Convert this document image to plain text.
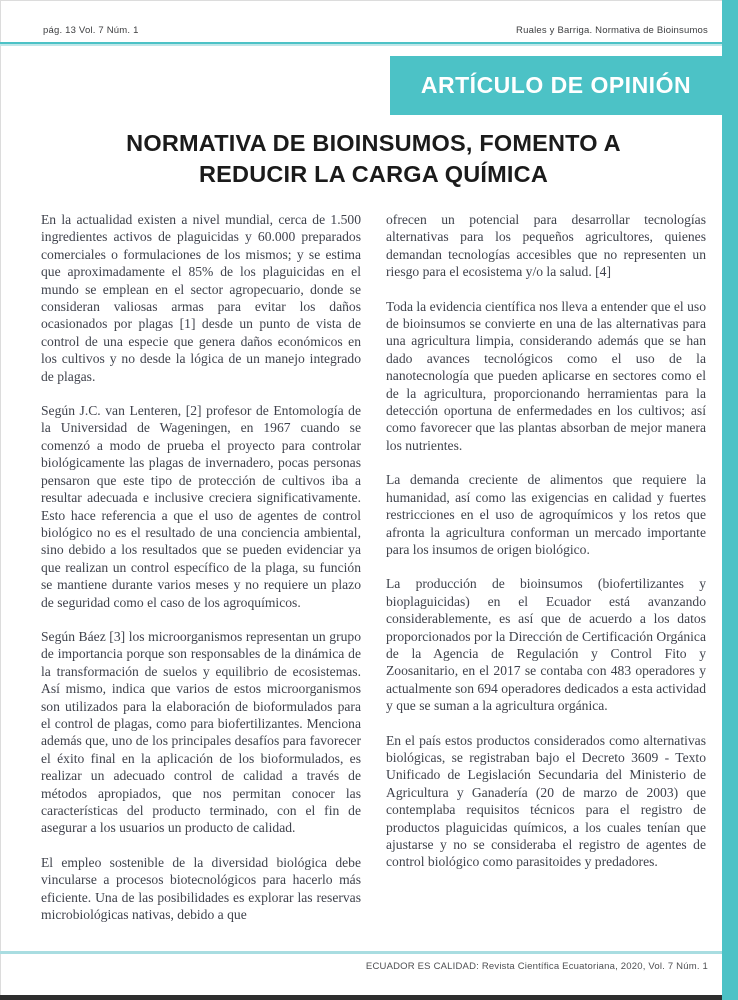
pág. 13 Vol. 7 Núm. 1	Ruales y Barriga. Normativa de Bioinsumos
ARTÍCULO DE OPINIÓN
NORMATIVA DE BIOINSUMOS, FOMENTO A
REDUCIR LA CARGA QUÍMICA

En la actualidad existen a nivel mundial, cerca de 1.500 ingredientes activos de plaguicidas y 60.000 preparados comerciales o formulaciones de los mismos; y se estima que aproximadamente el 85% de los plaguicidas en el mundo se emplean en el sector agropecuario, donde se consideran valiosas armas para evitar los daños ocasionados por plagas [1] desde un punto de vista de control de una especie que genera daños económicos en los cultivos y no desde la lógica de un manejo integrado de plagas.

Según J.C. van Lenteren, [2] profesor de Entomología de la Universidad de Wageningen, en 1967 cuando se comenzó a modo de prueba el proyecto para controlar biológicamente las plagas de invernadero, pocas personas pensaron que este tipo de protección de cultivos iba a resultar adecuada e inclusive creciera significativamente. Esto hace referencia a que el uso de agentes de control biológico no es el resultado de una conciencia ambiental, sino debido a los resultados que se pueden evidenciar ya que realizan un control específico de la plaga, su función se mantiene durante varios meses y no requiere un plazo de seguridad como el caso de los agroquímicos.

Según Báez [3] los microorganismos representan un grupo de importancia porque son responsables de la dinámica de la transformación de suelos y equilibrio de ecosistemas. Así mismo, indica que varios de estos microorganismos son utilizados para la elaboración de bioformulados para el control de plagas, como para biofertilizantes. Menciona además que, uno de los principales desafíos para favorecer el éxito final en la aplicación de los bioformulados, es realizar un adecuado control de calidad a través de métodos apropiados, que nos permitan conocer las características del producto terminado, con el fin de asegurar a los usuarios un producto de calidad.

El empleo sostenible de la diversidad biológica debe vincularse a procesos biotecnológicos para hacerlo más eficiente. Una de las posibilidades es explorar las reservas microbiológicas nativas, debido a que

ofrecen un potencial para desarrollar tecnologías alternativas para los pequeños agricultores, quienes demandan tecnologías accesibles que no representen un riesgo para el ecosistema y/o la salud. [4]

Toda la evidencia científica nos lleva a entender que el uso de bioinsumos se convierte en una de las alternativas para una agricultura limpia, considerando además que se han dado avances tecnológicos como el uso de la nanotecnología que pueden aplicarse en sectores como el de la agricultura, proporcionando herramientas para la detección oportuna de enfermedades en los cultivos; así como favorecer que las plantas absorban de mejor manera los nutrientes.

La demanda creciente de alimentos que requiere la humanidad, así como las exigencias en calidad y fuertes restricciones en el uso de agroquímicos y los retos que afronta la agricultura conforman un mercado importante para los insumos de origen biológico.

La producción de bioinsumos (biofertilizantes y bioplaguicidas) en el Ecuador está avanzando considerablemente, es así que de acuerdo a los datos proporcionados por la Dirección de Certificación Orgánica de la Agencia de Regulación y Control Fito y Zoosanitario, en el 2017 se contaba con 483 operadores y actualmente son 694 operadores dedicados a esta actividad y que se suman a la agricultura orgánica.

En el país estos productos considerados como alternativas biológicas, se registraban bajo el Decreto 3609 - Texto Unificado de Legislación Secundaria del Ministerio de Agricultura y Ganadería (20 de marzo de 2003) que contemplaba requisitos técnicos para el registro de productos plaguicidas químicos, a los cuales tenían que ajustarse y no se consideraba el registro de agentes de control biológico como parasitoides y predadores.

ECUADOR ES CALIDAD: Revista Científica Ecuatoriana, 2020, Vol. 7 Núm. 1
